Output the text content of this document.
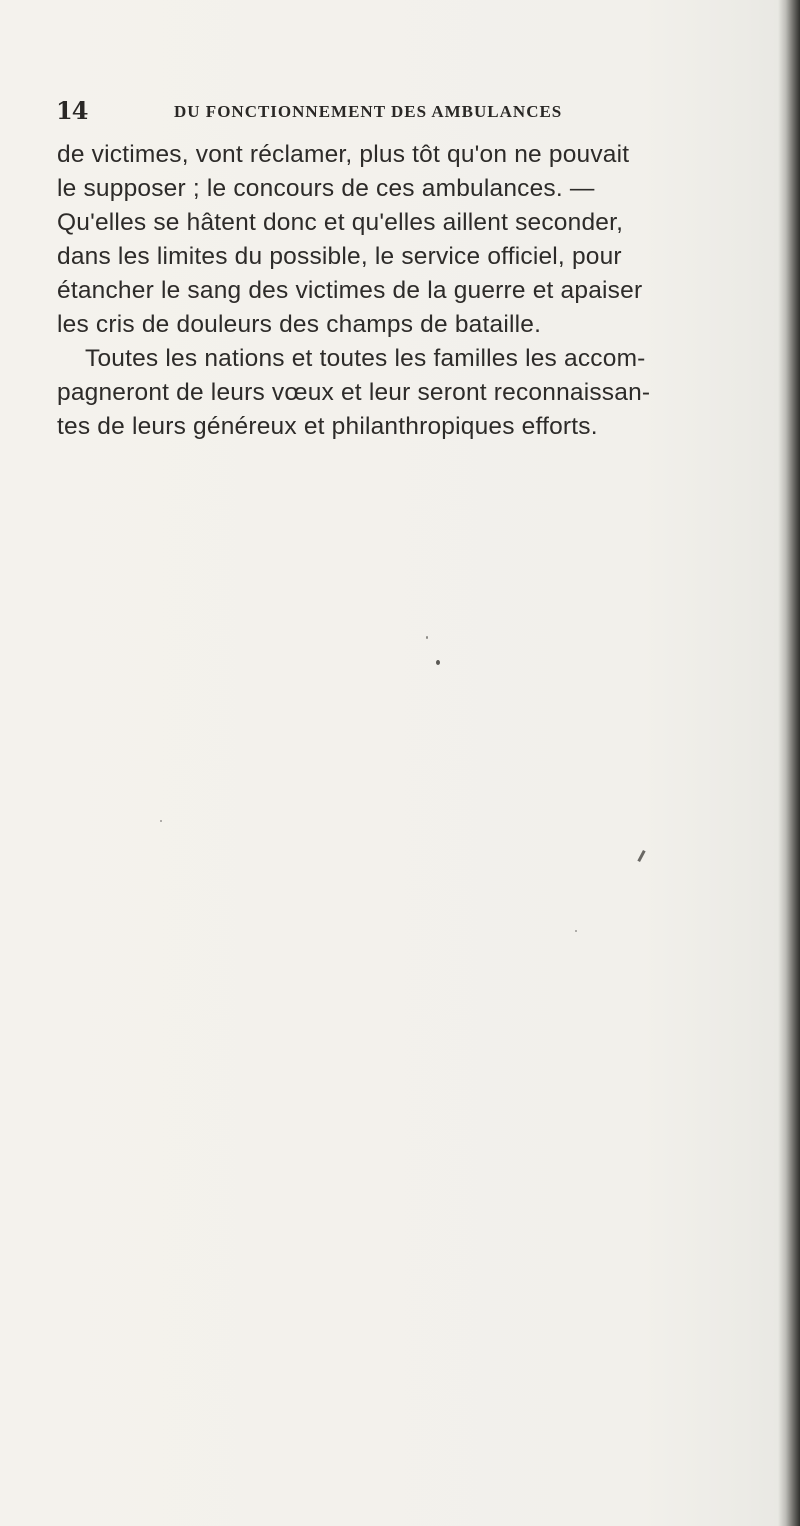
14	DU FONCTIONNEMENT DES AMBULANCES
de victimes, vont réclamer, plus tôt qu'on ne pouvait
le supposer ; le concours de ces ambulances. —
Qu'elles se hâtent donc et qu'elles aillent seconder,
dans les limites du possible, le service officiel, pour
étancher le sang des victimes de la guerre et apaiser
les cris de douleurs des champs de bataille.
Toutes les nations et toutes les familles les accom-
pagneront de leurs vœux et leur seront reconnaissan-
tes de leurs généreux et philanthropiques efforts.
